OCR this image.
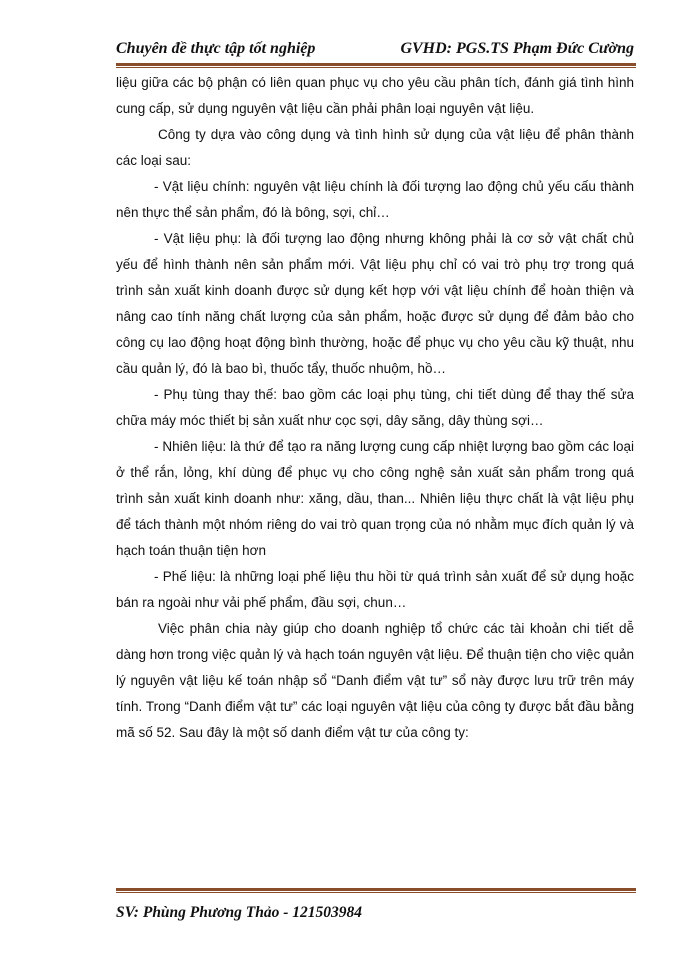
Chuyên đề thực tập tốt nghiệp	GVHD: PGS.TS Phạm Đức Cường

liệu giữa các bộ phận có liên quan phục vụ cho yêu cầu phân tích, đánh giá tình hình cung cấp, sử dụng nguyên vật liệu cần phải phân loại nguyên vật liệu.

Công ty dựa vào công dụng và tình hình sử dụng của vật liệu để phân thành các loại sau:

- Vật liệu chính: nguyên vật liệu chính là đối tượng lao động chủ yếu cấu thành nên thực thể sản phẩm, đó là bông, sợi, chỉ…

- Vật liệu phụ: là đối tượng lao động nhưng không phải là cơ sở vật chất chủ yếu để hình thành nên sản phẩm mới. Vật liệu phụ chỉ có vai trò phụ trợ trong quá trình sản xuất kinh doanh được sử dụng kết hợp với vật liệu chính để hoàn thiện và nâng cao tính năng chất lượng của sản phẩm, hoặc được sử dụng để đảm bảo cho công cụ lao động hoạt động bình thường, hoặc để phục vụ cho yêu cầu kỹ thuật, nhu cầu quản lý, đó là bao bì, thuốc tẩy, thuốc nhuộm, hồ…

- Phụ tùng thay thế: bao gồm các loại phụ tùng, chi tiết dùng để thay thế sửa chữa máy móc thiết bị sản xuất như cọc sợi, dây săng, dây thùng sợi…

- Nhiên liệu: là thứ để tạo ra năng lượng cung cấp nhiệt lượng bao gồm các loại ở thể rắn, lỏng, khí dùng để phục vụ cho công nghệ sản xuất sản phẩm trong quá trình sản xuất kinh doanh như: xăng, dầu, than... Nhiên liệu thực chất là vật liệu phụ để tách thành một nhóm riêng do vai trò quan trọng của nó nhằm mục đích quản lý và hạch toán thuận tiện hơn

- Phế liệu: là những loại phế liệu thu hồi từ quá trình sản xuất để sử dụng hoặc bán ra ngoài như vải phế phẩm, đầu sợi, chun…

Việc phân chia này giúp cho doanh nghiệp tổ chức các tài khoản chi tiết dễ dàng hơn trong việc quản lý và hạch toán nguyên vật liệu. Để thuận tiện cho việc quản lý nguyên vật liệu kế toán nhập sổ “Danh điểm vật tư” sổ này được lưu trữ trên máy tính. Trong “Danh điểm vật tư” các loại nguyên vật liệu của công ty được bắt đầu bằng mã số 52. Sau đây là một số danh điểm vật tư của công ty:

SV: Phùng Phương Thảo - 121503984
